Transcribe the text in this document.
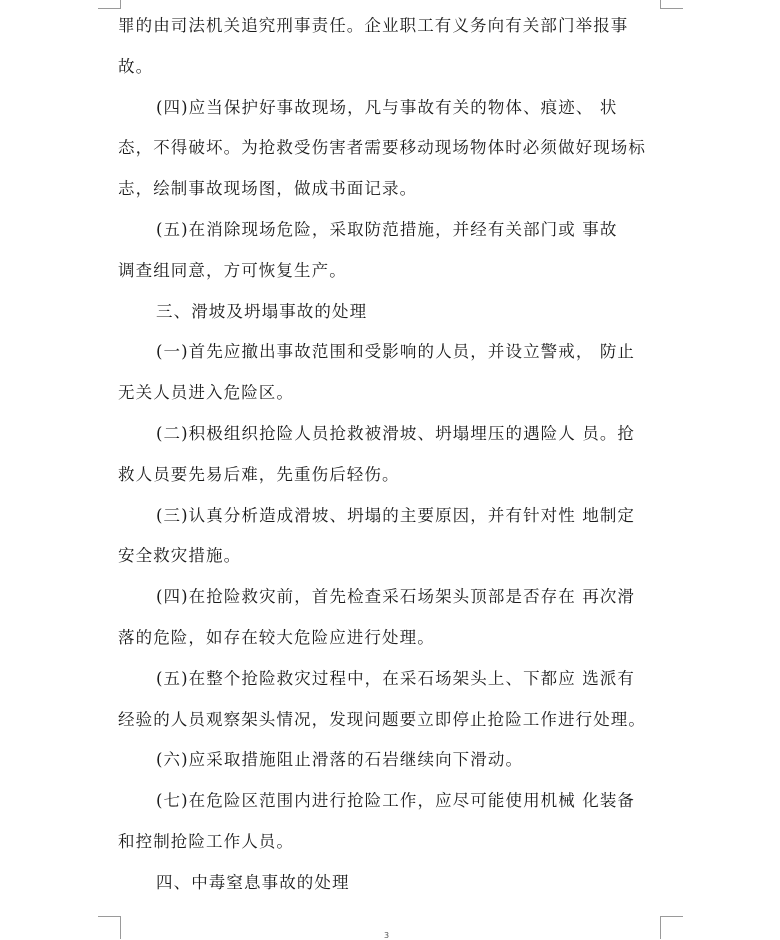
罪的由司法机关追究刑事责任。企业职工有义务向有关部门举报事
故。
(四)应当保护好事故现场，凡与事故有关的物体、痕迹、 状
态，不得破坏。为抢救受伤害者需要移动现场物体时必须做好现场标
志，绘制事故现场图，做成书面记录。
(五)在消除现场危险，采取防范措施，并经有关部门或 事故
调查组同意，方可恢复生产。
三、滑坡及坍塌事故的处理
(一)首先应撤出事故范围和受影响的人员，并设立警戒， 防止
无关人员进入危险区。
(二)积极组织抢险人员抢救被滑坡、坍塌埋压的遇险人 员。抢
救人员要先易后难，先重伤后轻伤。
(三)认真分析造成滑坡、坍塌的主要原因，并有针对性 地制定
安全救灾措施。
(四)在抢险救灾前，首先检查采石场架头顶部是否存在 再次滑
落的危险，如存在较大危险应进行处理。
(五)在整个抢险救灾过程中，在采石场架头上、下都应 选派有
经验的人员观察架头情况，发现问题要立即停止抢险工作进行处理。
(六)应采取措施阻止滑落的石岩继续向下滑动。
(七)在危险区范围内进行抢险工作，应尽可能使用机械 化装备
和控制抢险工作人员。
四、中毒窒息事故的处理
3
